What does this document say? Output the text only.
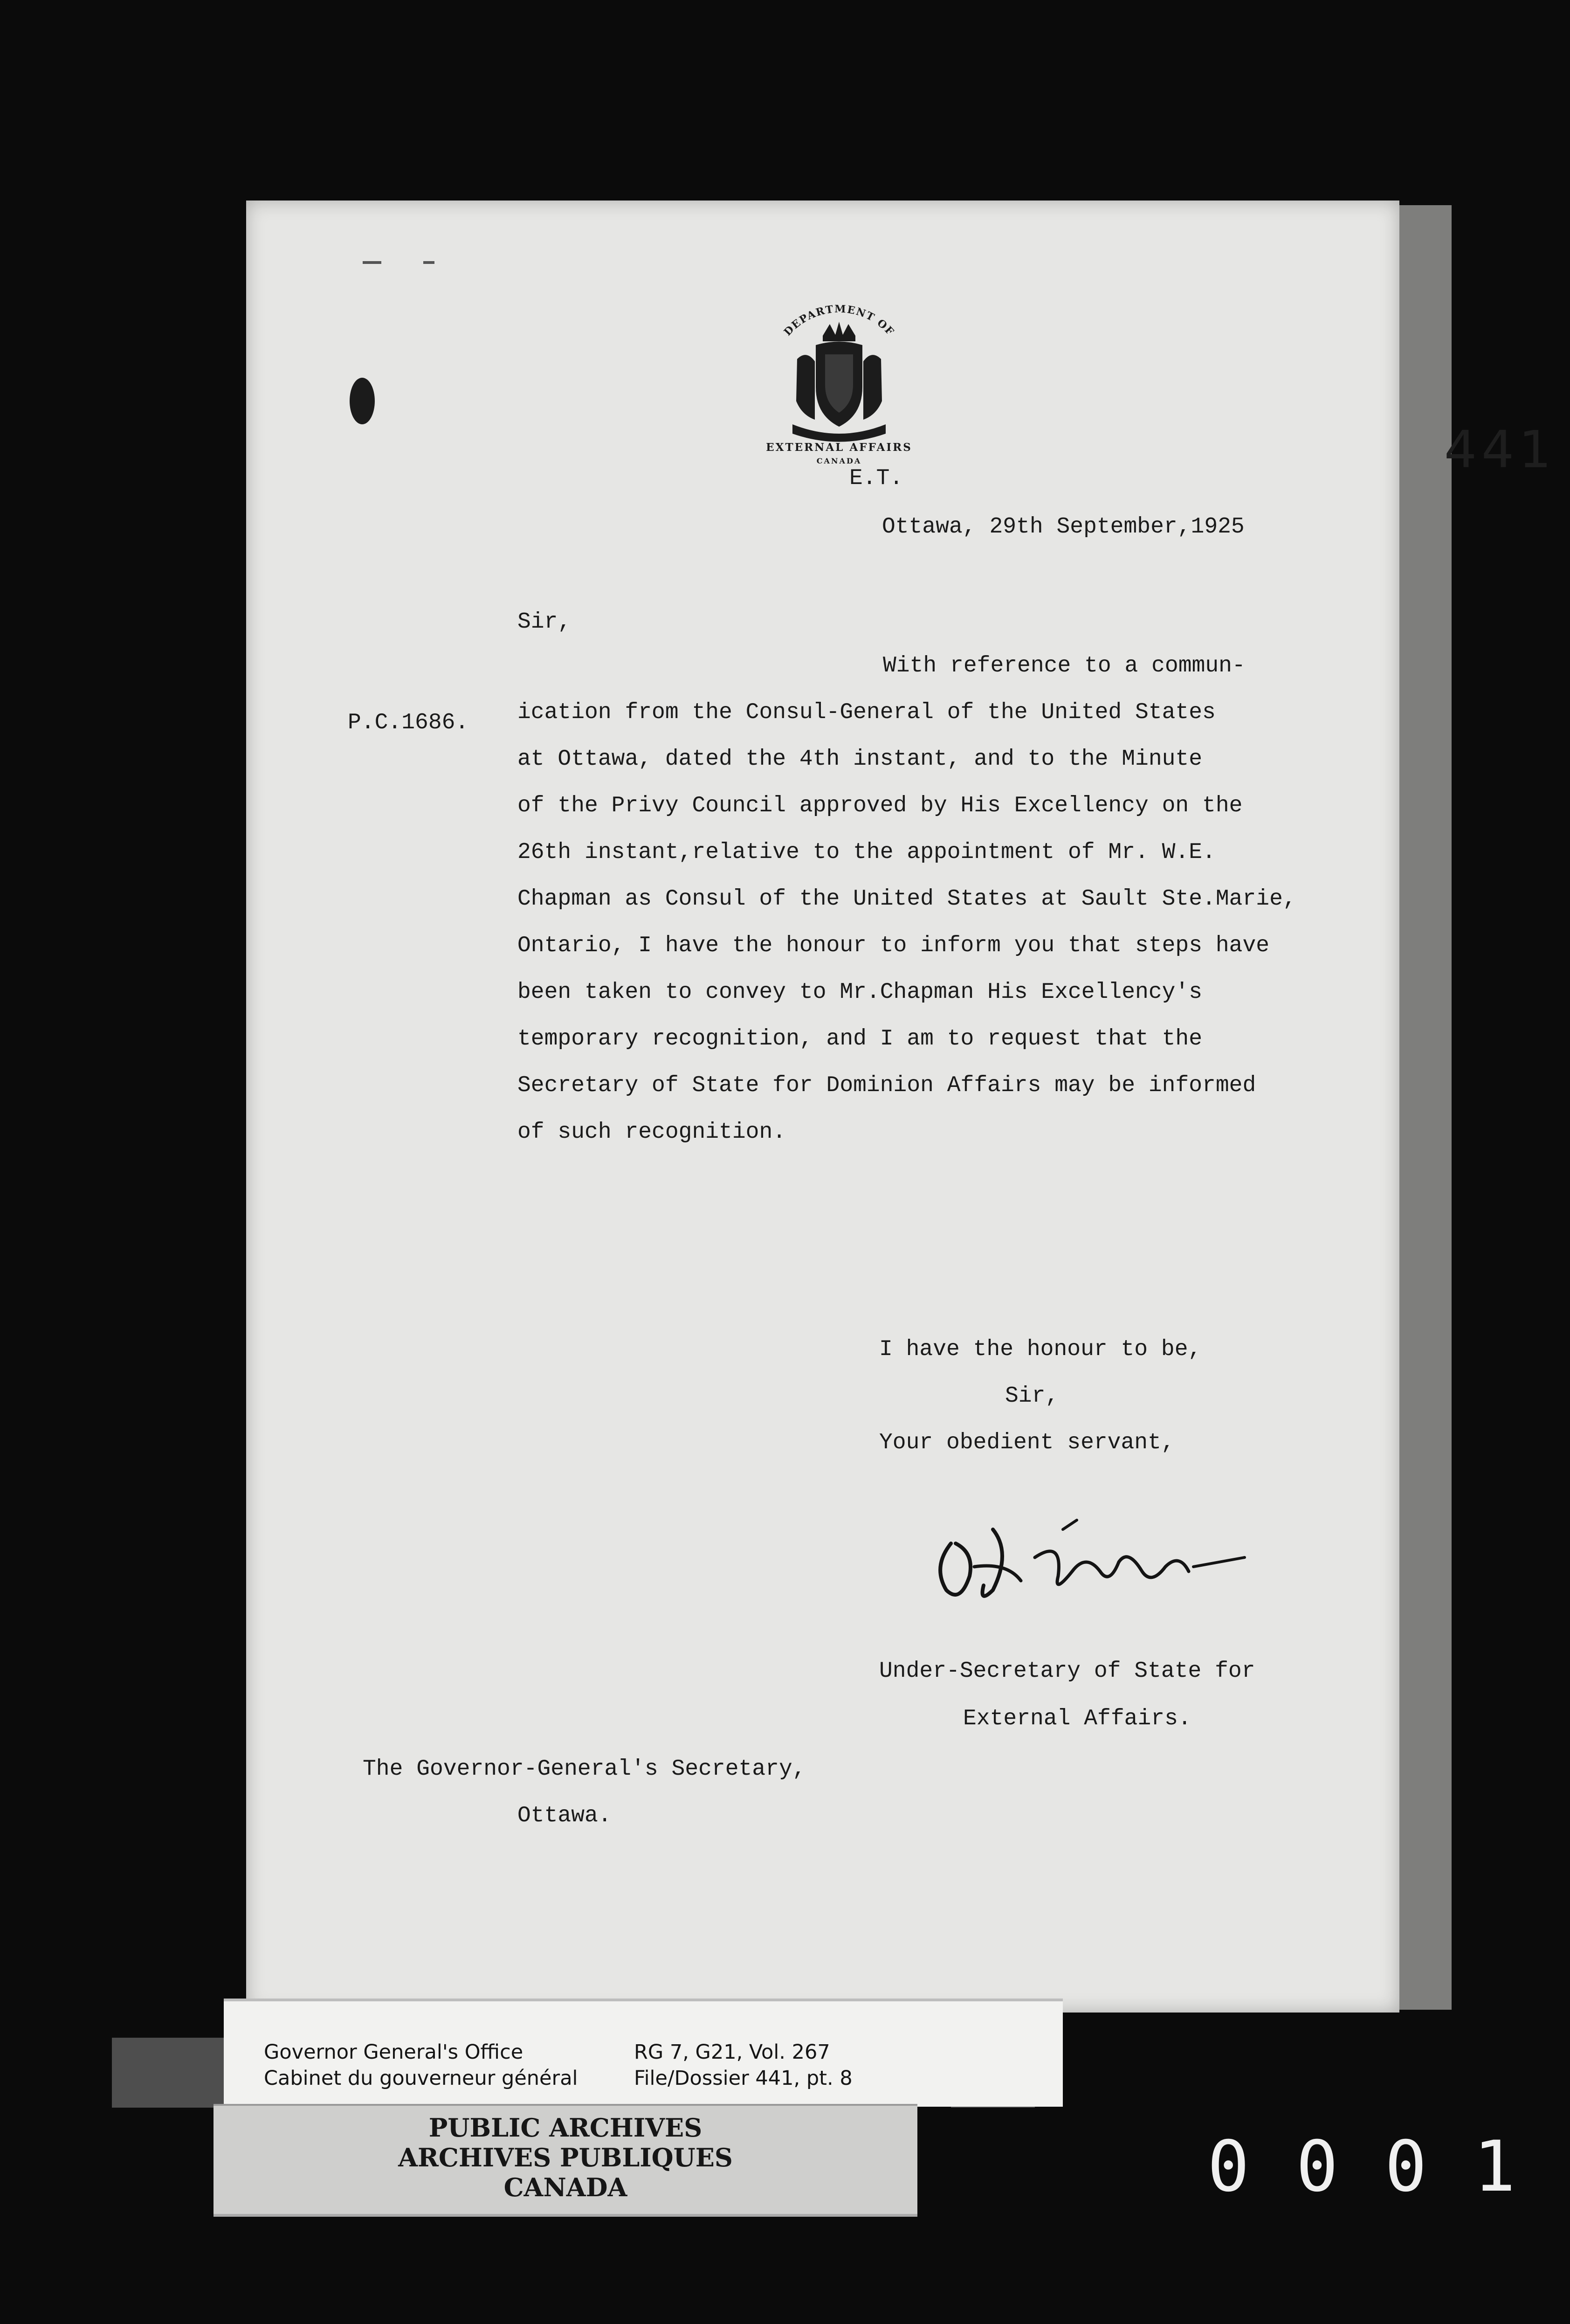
441
DEPARTMENT OF
EXTERNAL AFFAIRS
CANADA
E.T.
Ottawa, 29th September,1925
Sir,
P.C.1686.
With reference to a commun-
ication from the Consul-General of the United States
at Ottawa, dated the 4th instant, and to the Minute
of the Privy Council approved by His Excellency on the
26th instant,relative to the appointment of Mr. W.E.
Chapman as Consul of the United States at Sault Ste.Marie,
Ontario, I have the honour to inform you that steps have
been taken to convey to Mr.Chapman His Excellency's
temporary recognition, and I am to request that the
Secretary of State for Dominion Affairs may be informed
of such recognition.
I have the honour to be,
Sir,
Your obedient servant,
Under-Secretary of State for
External Affairs.
The Governor-General's Secretary,
Ottawa.
Governor General's Office
Cabinet du gouverneur général
RG 7, G21, Vol. 267
File/Dossier 441, pt. 8
PUBLIC ARCHIVES
ARCHIVES PUBLIQUES
CANADA	0001
